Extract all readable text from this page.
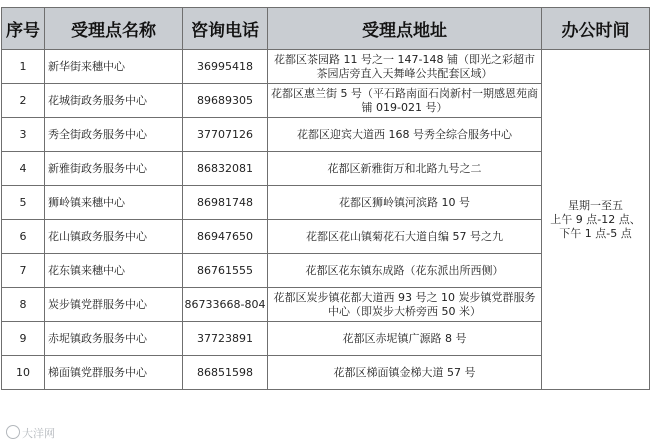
序号	受理点名称	咨询电话	受理点地址	办公时间
1	新华街来穗中心	36995418	花都区茶园路 11 号之一 147-148 铺（即光之彩超市茶园店旁直入天舞峰公共配套区域）	星期一至五
上午 9 点-12 点、
下午 1 点-5 点

2	花城街政务服务中心	89689305	花都区惠兰街 5 号（平石路南面石岗新村一期感恩苑商铺 019-021 号）	
3	秀全街政务服务中心	37707126	花都区迎宾大道西 168 号秀全综合服务中心	
4	新雅街政务服务中心	86832081	花都区新雅街万和北路九号之二	
5	狮岭镇来穗中心	86981748	花都区狮岭镇河滨路 10 号	
6	花山镇政务服务中心	86947650	花都区花山镇菊花石大道自编 57 号之九	
7	花东镇来穗中心	86761555	花都区花东镇东成路（花东派出所西侧）	
8	炭步镇党群服务中心	86733668-804	花都区炭步镇花都大道西 93 号之 10 炭步镇党群服务中心（即炭步大桥旁西 50 米）	
9	赤坭镇政务服务中心	37723891	花都区赤坭镇广源路 8 号	
10	梯面镇党群服务中心	86851598	花都区梯面镇金梯大道 57 号	
大洋网
